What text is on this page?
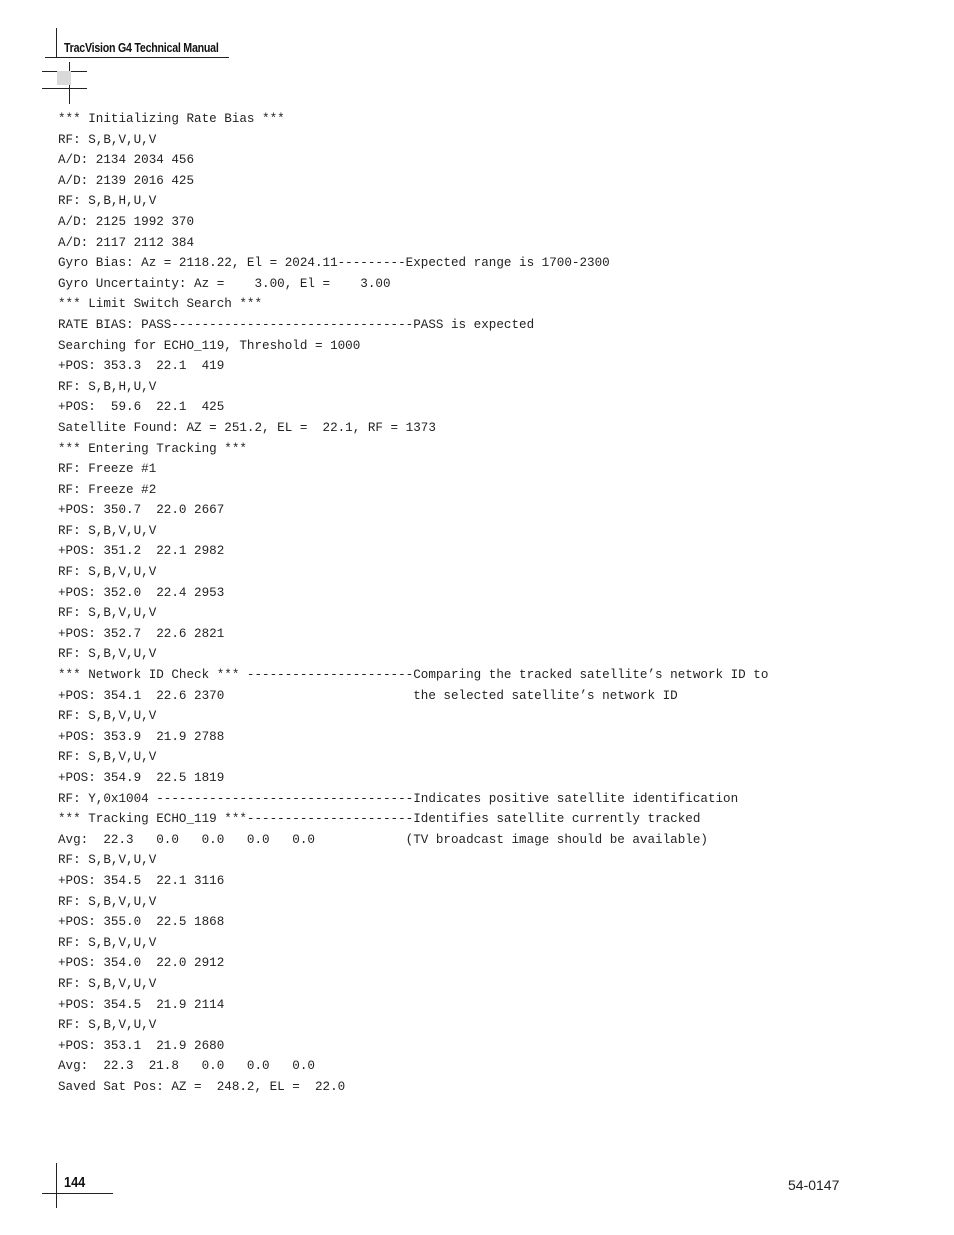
TracVision G4 Technical Manual
*** Initializing Rate Bias ***
RF: S,B,V,U,V
A/D: 2134 2034 456
A/D: 2139 2016 425
RF: S,B,H,U,V
A/D: 2125 1992 370
A/D: 2117 2112 384
Gyro Bias: Az = 2118.22, El = 2024.11---------Expected range is 1700-2300
Gyro Uncertainty: Az =    3.00, El =    3.00
*** Limit Switch Search ***
RATE BIAS: PASS--------------------------------PASS is expected
Searching for ECHO_119, Threshold = 1000
+POS: 353.3  22.1  419
RF: S,B,H,U,V
+POS:  59.6  22.1  425
Satellite Found: AZ = 251.2, EL =  22.1, RF = 1373
*** Entering Tracking ***
RF: Freeze #1
RF: Freeze #2
+POS: 350.7  22.0 2667
RF: S,B,V,U,V
+POS: 351.2  22.1 2982
RF: S,B,V,U,V
+POS: 352.0  22.4 2953
RF: S,B,V,U,V
+POS: 352.7  22.6 2821
RF: S,B,V,U,V
*** Network ID Check *** ----------------------Comparing the tracked satellite’s network ID to
+POS: 354.1  22.6 2370                         the selected satellite’s network ID
RF: S,B,V,U,V
+POS: 353.9  21.9 2788
RF: S,B,V,U,V
+POS: 354.9  22.5 1819
RF: Y,0x1004 ----------------------------------Indicates positive satellite identification
*** Tracking ECHO_119 ***----------------------Identifies satellite currently tracked
Avg:  22.3   0.0   0.0   0.0   0.0            (TV broadcast image should be available)
RF: S,B,V,U,V
+POS: 354.5  22.1 3116
RF: S,B,V,U,V
+POS: 355.0  22.5 1868
RF: S,B,V,U,V
+POS: 354.0  22.0 2912
RF: S,B,V,U,V
+POS: 354.5  21.9 2114
RF: S,B,V,U,V
+POS: 353.1  21.9 2680
Avg:  22.3  21.8   0.0   0.0   0.0
Saved Sat Pos: AZ =  248.2, EL =  22.0
144	54-0147
